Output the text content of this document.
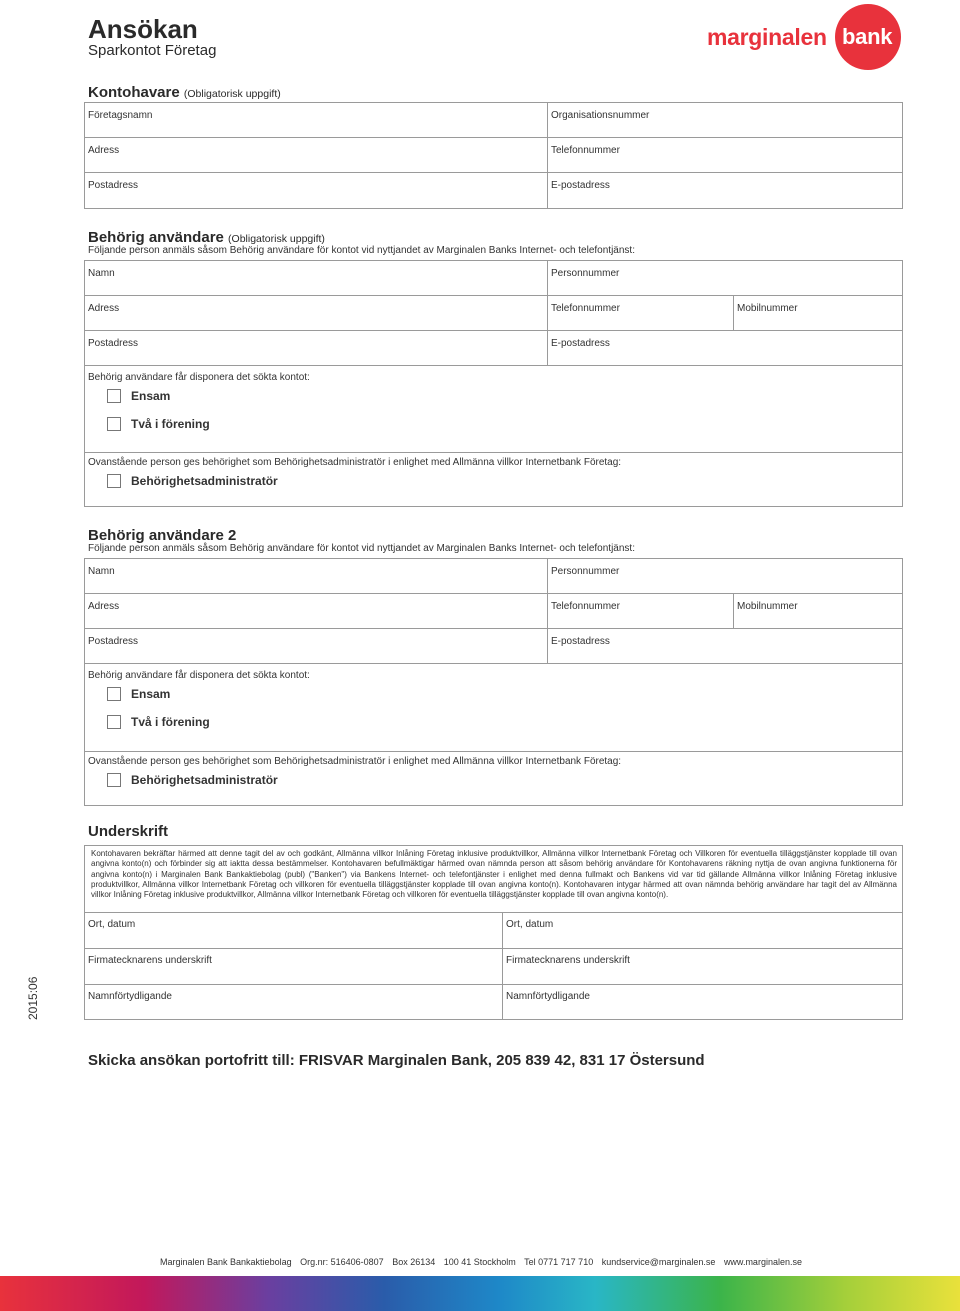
Ansökan
Sparkontot Företag
marginalen bank
Kontohavare (Obligatorisk uppgift)
Företagsnamn	Organisationsnummer
Adress	Telefonnummer
Postadress	E-postadress
Behörig användare (Obligatorisk uppgift)
Följande person anmäls såsom Behörig användare för kontot vid nyttjandet av Marginalen Banks Internet- och telefontjänst:
Namn	Personnummer
Adress	Telefonnummer	Mobilnummer
Postadress	E-postadress
Behörig användare får disponera det sökta kontot:
Ensam
Två i förening
Ovanstående person ges behörighet som Behörighetsadministratör i enlighet med Allmänna villkor Internetbank Företag:
Behörighetsadministratör
Behörig användare 2
Följande person anmäls såsom Behörig användare för kontot vid nyttjandet av Marginalen Banks Internet- och telefontjänst:
Namn	Personnummer
Adress	Telefonnummer	Mobilnummer
Postadress	E-postadress
Behörig användare får disponera det sökta kontot:
Ensam
Två i förening
Ovanstående person ges behörighet som Behörighetsadministratör i enlighet med Allmänna villkor Internetbank Företag:
Behörighetsadministratör
Underskrift
Kontohavaren bekräftar härmed att denne tagit del av och godkänt, Allmänna villkor Inlåning Företag inklusive produktvillkor, Allmänna villkor Internetbank Företag och Villkoren för eventuella tilläggstjänster kopplade till ovan angivna konto(n) och förbinder sig att iaktta dessa bestämmelser. Kontohavaren befullmäktigar härmed ovan nämnda person att såsom behörig användare för Kontohavarens räkning nyttja de ovan angivna funktionerna för angivna konto(n) i Marginalen Bank Bankaktiebolag (publ) ("Banken") via Bankens Internet- och telefontjänster i enlighet med denna fullmakt och Bankens vid var tid gällande Allmänna villkor Inlåning Företag inklusive produktvillkor, Allmänna villkor Internetbank Företag och villkoren för eventuella tilläggstjänster kopplade till ovan angivna konto(n). Kontohavaren intygar härmed att ovan nämnda behörig användare har tagit del av Allmänna villkor Inlåning Företag inklusive produktvillkor, Allmänna villkor Internetbank Företag och villkoren för eventuella tilläggstjänster kopplade till ovan angivna konto(n).
Ort, datum	Ort, datum
Firmatecknarens underskrift	Firmatecknarens underskrift
Namnförtydligande	Namnförtydligande
2015:06
Skicka ansökan portofritt till: FRISVAR Marginalen Bank, 205 839 42, 831 17 Östersund
Marginalen Bank Bankaktiebolag Org.nr: 516406-0807 Box 26134 100 41 Stockholm Tel 0771 717 710 kundservice@marginalen.se www.marginalen.se
